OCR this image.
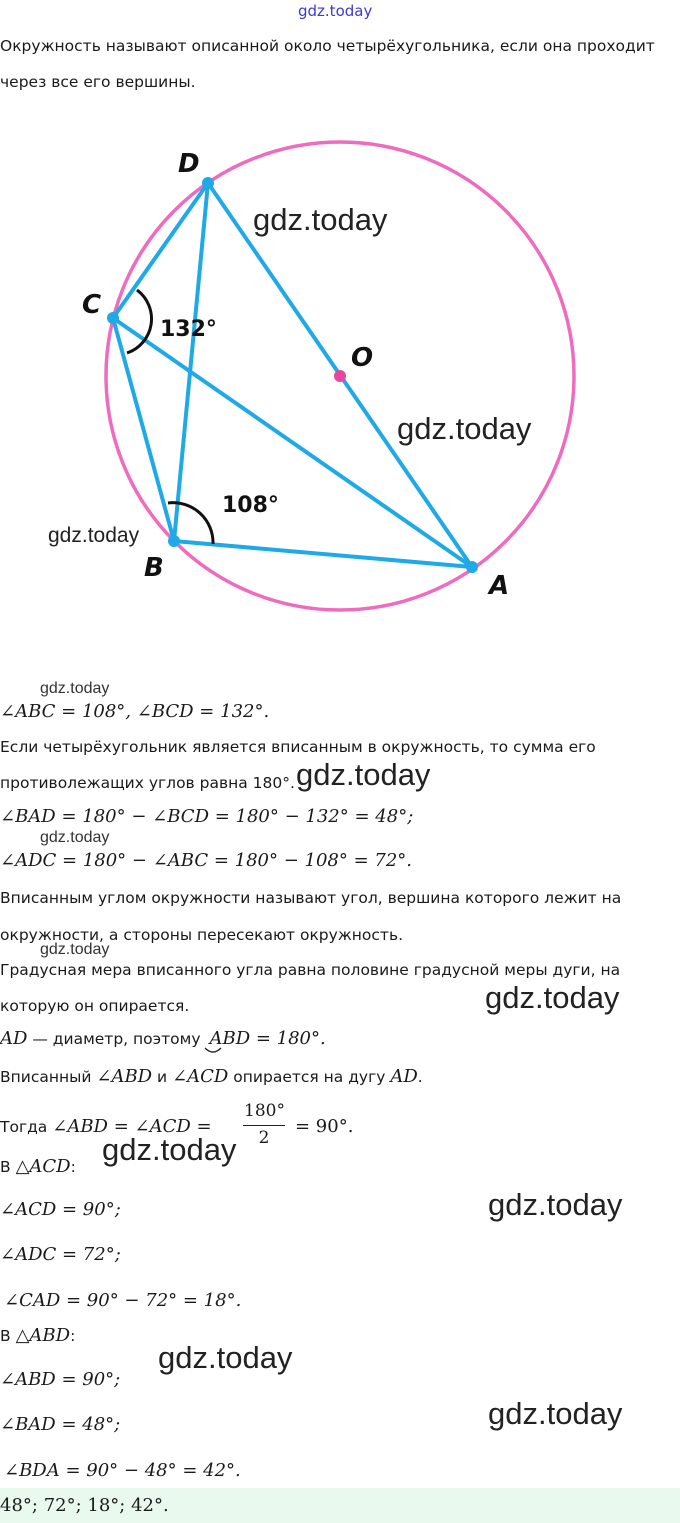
gdz.today
Окружность называют описанной около четырёхугольника, если она проходит
через все его вершины.
D
C
O
B
A
132°
108°
gdz.today
gdz.today
gdz.today
gdz.today
gdz.today
gdz.today
gdz.today
gdz.today
gdz.today
gdz.today
gdz.today
gdz.today
∠ABC = 108°, ∠BCD = 132°.
Если четырёхугольник является вписанным в окружность, то сумма его
противолежащих углов равна 180°.
∠BAD = 180° − ∠BCD = 180° − 132° = 48°;
∠ADC = 180° − ∠ABC = 180° − 108° = 72°.
Вписанным углом окружности называют угол, вершина которого лежит на
окружности, а стороны пересекают окружность.
Градусная мера вписанного угла равна половине градусной меры дуги, на
которую он опирается.
AD — диаметр, поэтому ABD = 180°.
Вписанный ∠ABD и ∠ACD опирается на дугу AD.
Тогда ∠ABD = ∠ACD =
180°
2
= 90°.
В △ACD:
∠ACD = 90°;
∠ADC = 72°;
∠CAD = 90° − 72° = 18°.
В △ABD:
∠ABD = 90°;
∠BAD = 48°;
∠BDA = 90° − 48° = 42°.
48°; 72°; 18°; 42°.
